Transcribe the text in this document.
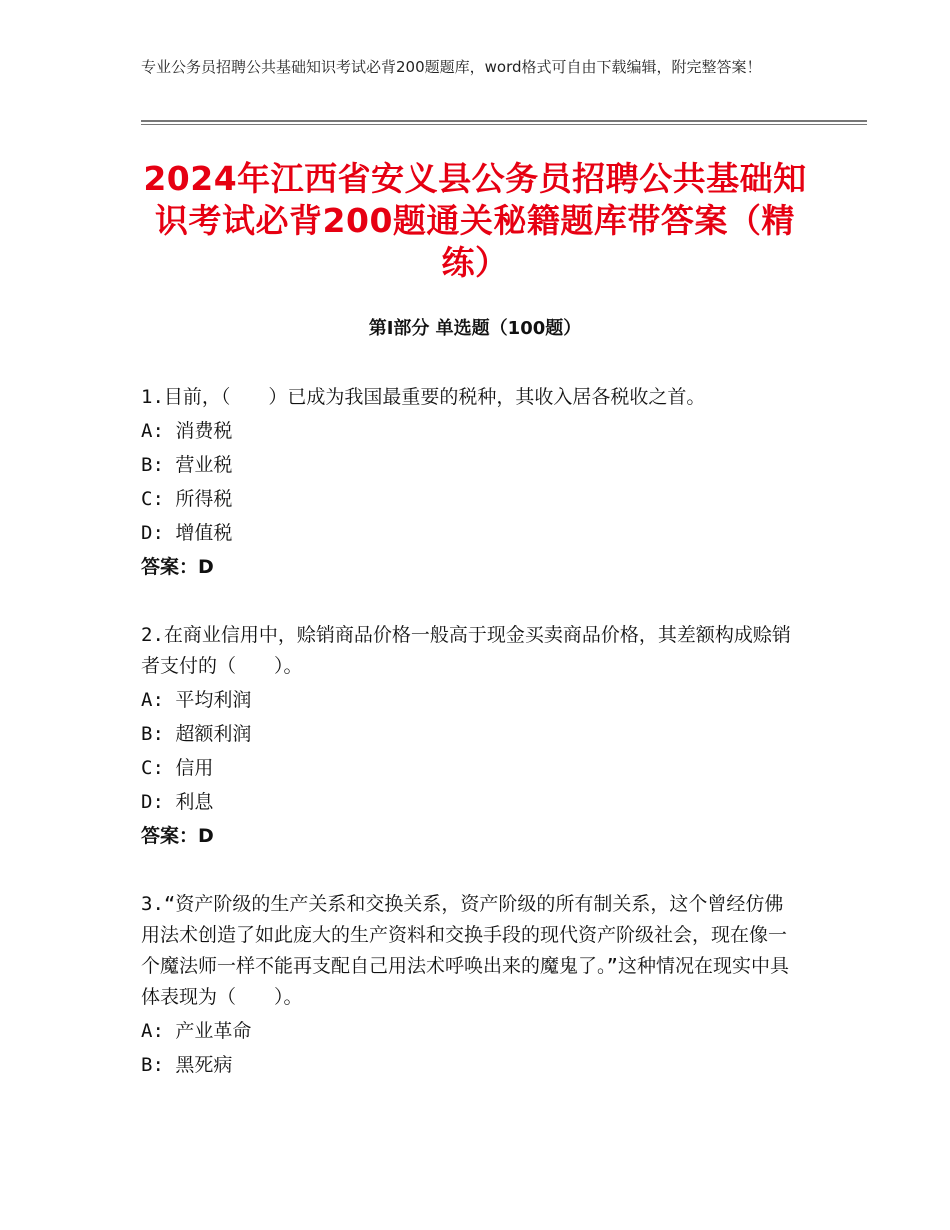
专业公务员招聘公共基础知识考试必背200题题库，word格式可自由下载编辑，附完整答案！
2024年江西省安义县公务员招聘公共基础知识考试必背200题通关秘籍题库带答案（精练）
第I部分 单选题（100题）
1.目前，（　　）已成为我国最重要的税种，其收入居各税收之首。
A: 消费税
B: 营业税
C: 所得税
D: 增值税
答案：D
2.在商业信用中，赊销商品价格一般高于现金买卖商品价格，其差额构成赊销者支付的（　　）。
A: 平均利润
B: 超额利润
C: 信用
D: 利息
答案：D
3.“资产阶级的生产关系和交换关系，资产阶级的所有制关系，这个曾经仿佛用法术创造了如此庞大的生产资料和交换手段的现代资产阶级社会，现在像一个魔法师一样不能再支配自己用法术呼唤出来的魔鬼了。”这种情况在现实中具体表现为（　　）。
A: 产业革命
B: 黑死病
